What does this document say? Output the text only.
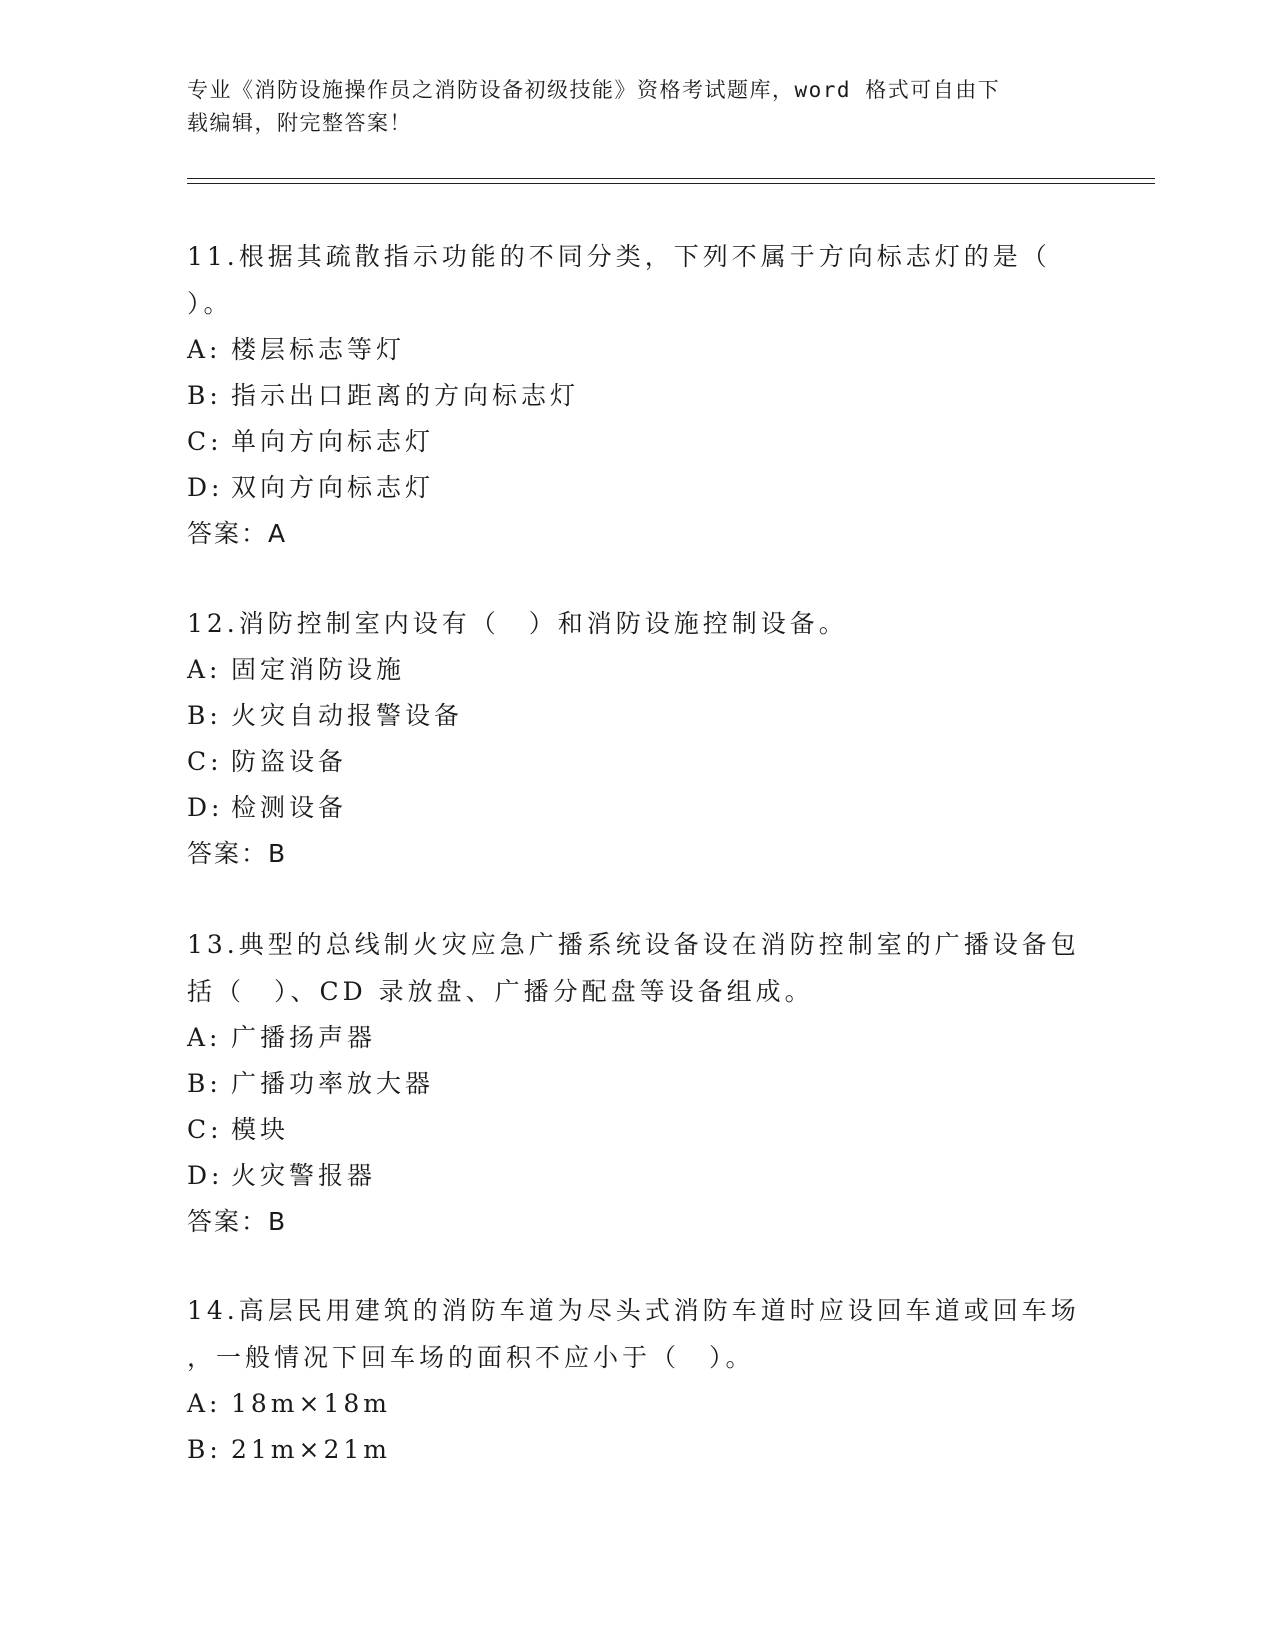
专业《消防设施操作员之消防设备初级技能》资格考试题库，word 格式可自由下
载编辑，附完整答案！

11.根据其疏散指示功能的不同分类，下列不属于方向标志灯的是（
）。

A: 楼层标志等灯

B: 指示出口距离的方向标志灯

C: 单向方向标志灯

D: 双向方向标志灯

答案：A

12.消防控制室内设有（　）和消防设施控制设备。

A: 固定消防设施

B: 火灾自动报警设备

C: 防盗设备

D: 检测设备

答案：B

13.典型的总线制火灾应急广播系统设备设在消防控制室的广播设备包
括（　）、CD 录放盘、广播分配盘等设备组成。

A: 广播扬声器

B: 广播功率放大器

C: 模块

D: 火灾警报器

答案：B

14.高层民用建筑的消防车道为尽头式消防车道时应设回车道或回车场
，一般情况下回车场的面积不应小于（　）。

A: 18m×18m

B: 21m×21m
